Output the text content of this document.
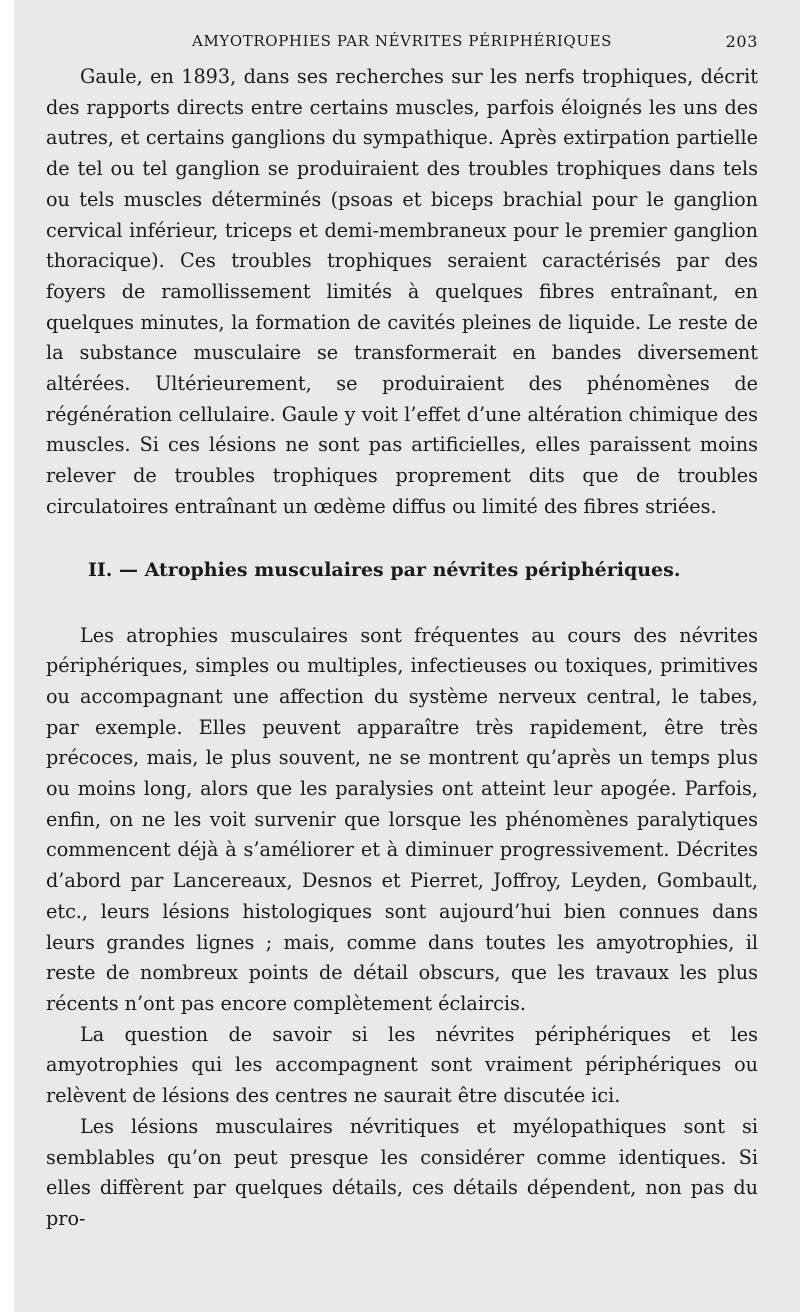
AMYOTROPHIES PAR NÉVRITES PÉRIPHÉRIQUES	203

Gaule, en 1893, dans ses recherches sur les nerfs trophiques, décrit des rapports directs entre certains muscles, parfois éloignés les uns des autres, et certains ganglions du sympathique. Après extirpation partielle de tel ou tel ganglion se produiraient des troubles trophiques dans tels ou tels muscles déterminés (psoas et biceps brachial pour le ganglion cervical inférieur, triceps et demi-membraneux pour le premier ganglion thoracique). Ces troubles trophiques seraient caractérisés par des foyers de ramollissement limités à quelques fibres entraînant, en quelques minutes, la formation de cavités pleines de liquide. Le reste de la substance musculaire se transformerait en bandes diversement altérées. Ultérieurement, se produiraient des phénomènes de régénération cellulaire. Gaule y voit l’effet d’une altération chimique des muscles. Si ces lésions ne sont pas artificielles, elles paraissent moins relever de troubles trophiques proprement dits que de troubles circulatoires entraînant un œdème diffus ou limité des fibres striées.

II. — Atrophies musculaires par névrites périphériques.

Les atrophies musculaires sont fréquentes au cours des névrites périphériques, simples ou multiples, infectieuses ou toxiques, primitives ou accompagnant une affection du système nerveux central, le tabes, par exemple. Elles peuvent apparaître très rapidement, être très précoces, mais, le plus souvent, ne se montrent qu’après un temps plus ou moins long, alors que les paralysies ont atteint leur apogée. Parfois, enfin, on ne les voit survenir que lorsque les phénomènes paralytiques commencent déjà à s’améliorer et à diminuer progressivement. Décrites d’abord par Lancereaux, Desnos et Pierret, Joffroy, Leyden, Gombault, etc., leurs lésions histologiques sont aujourd’hui bien connues dans leurs grandes lignes ; mais, comme dans toutes les amyotrophies, il reste de nombreux points de détail obscurs, que les travaux les plus récents n’ont pas encore complètement éclaircis.

La question de savoir si les névrites périphériques et les amyotrophies qui les accompagnent sont vraiment périphériques ou relèvent de lésions des centres ne saurait être discutée ici.

Les lésions musculaires névritiques et myélopathiques sont si semblables qu’on peut presque les considérer comme identiques. Si elles diffèrent par quelques détails, ces détails dépendent, non pas du pro-
